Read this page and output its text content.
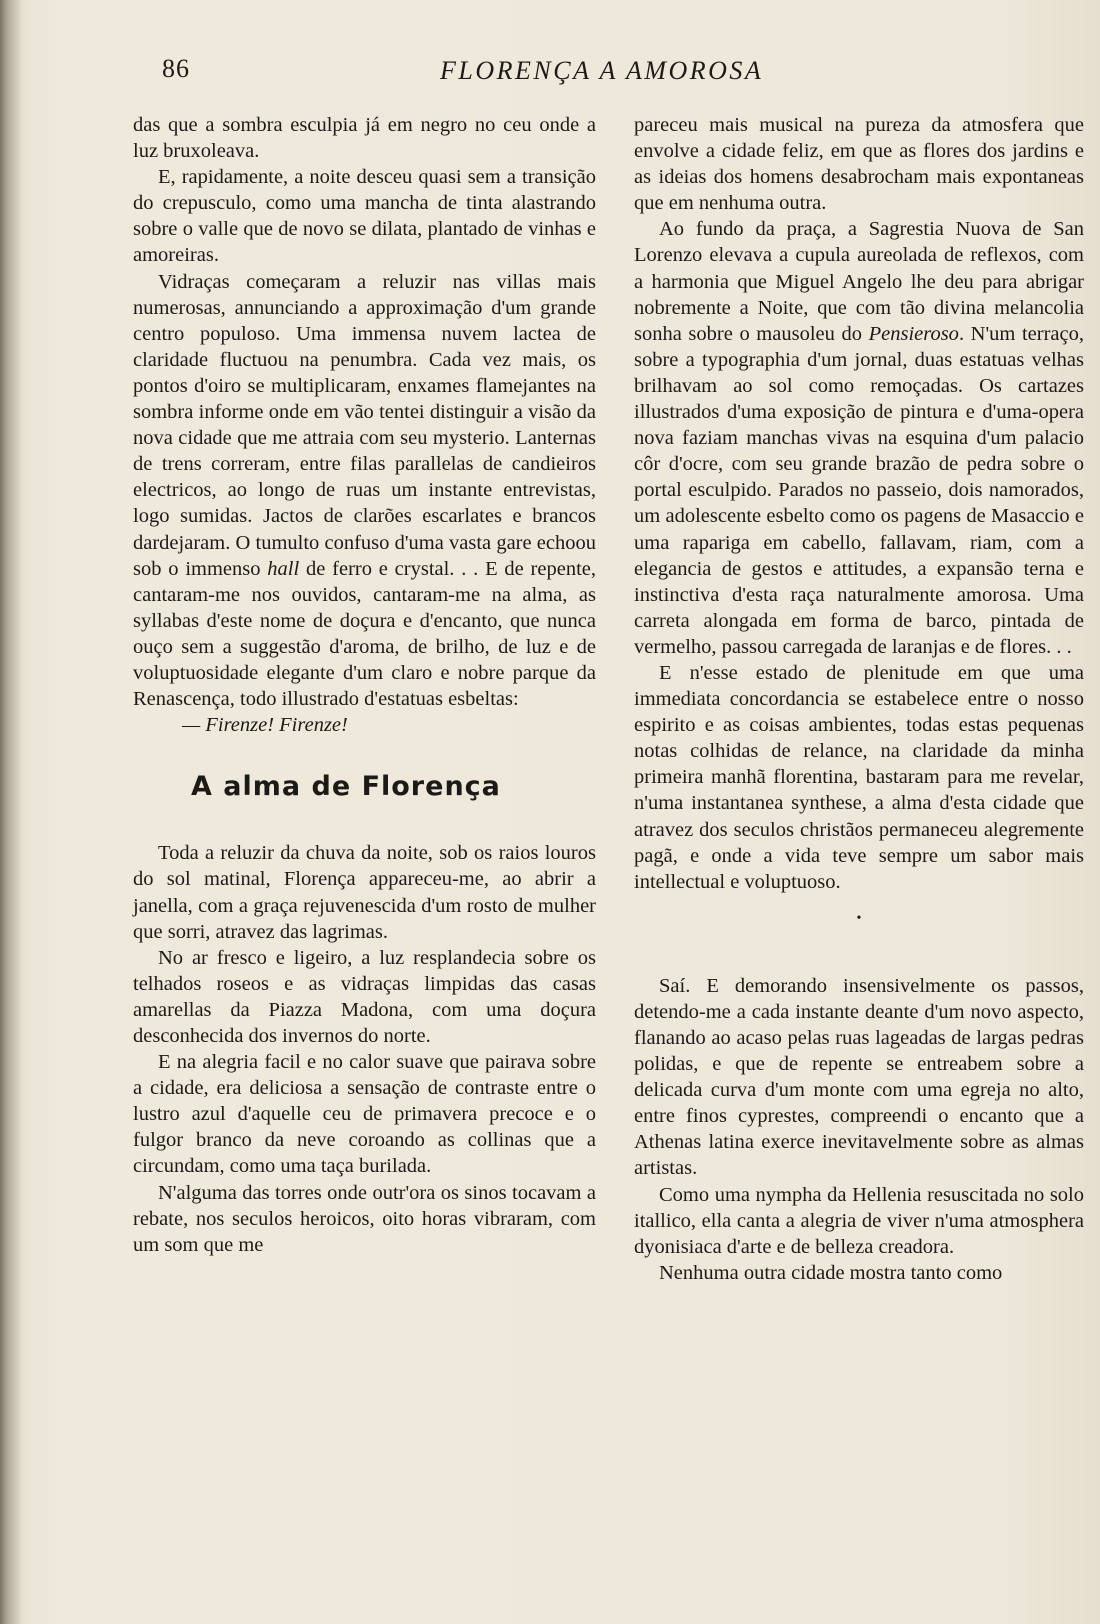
86	FLORENÇA A AMOROSA

das que a sombra esculpia já em negro no ceu onde a luz bruxoleava.

E, rapidamente, a noite desceu quasi sem a transição do crepusculo, como uma mancha de tinta alastrando sobre o valle que de novo se dilata, plantado de vinhas e amoreiras.

Vidraças começaram a reluzir nas villas mais numerosas, annunciando a approximação d'um grande centro populoso. Uma immensa nuvem lactea de claridade fluctuou na penumbra. Cada vez mais, os pontos d'oiro se multiplicaram, enxames flamejantes na sombra informe onde em vão tentei distinguir a visão da nova cidade que me attraia com seu mysterio. Lanternas de trens correram, entre filas parallelas de candieiros electricos, ao longo de ruas um instante entrevistas, logo sumidas. Jactos de clarões escarlates e brancos dardejaram. O tumulto confuso d'uma vasta gare echoou sob o immenso hall de ferro e crystal. . . E de repente, cantaram-me nos ouvidos, cantaram-me na alma, as syllabas d'este nome de doçura e d'encanto, que nunca ouço sem a suggestão d'aroma, de brilho, de luz e de voluptuosidade elegante d'um claro e nobre parque da Renascença, todo illustrado d'estatuas esbeltas:

— Firenze! Firenze!

A alma de Florença

Toda a reluzir da chuva da noite, sob os raios louros do sol matinal, Florença appareceu-me, ao abrir a janella, com a graça rejuvenescida d'um rosto de mulher que sorri, atravez das lagrimas.

No ar fresco e ligeiro, a luz resplandecia sobre os telhados roseos e as vidraças limpidas das casas amarellas da Piazza Madona, com uma doçura desconhecida dos invernos do norte.

E na alegria facil e no calor suave que pairava sobre a cidade, era deliciosa a sensação de contraste entre o lustro azul d'aquelle ceu de primavera precoce e o fulgor branco da neve coroando as collinas que a circundam, como uma taça burilada.

N'alguma das torres onde outr'ora os sinos tocavam a rebate, nos seculos heroicos, oito horas vibraram, com um som que me

pareceu mais musical na pureza da atmosfera que envolve a cidade feliz, em que as flores dos jardins e as ideias dos homens desabrocham mais expontaneas que em nenhuma outra.

Ao fundo da praça, a Sagrestia Nuova de San Lorenzo elevava a cupula aureolada de reflexos, com a harmonia que Miguel Angelo lhe deu para abrigar nobremente a Noite, que com tão divina melancolia sonha sobre o mausoleu do Pensieroso. N'um terraço, sobre a typographia d'um jornal, duas estatuas velhas brilhavam ao sol como remoçadas. Os cartazes illustrados d'uma exposição de pintura e d'uma-opera nova faziam manchas vivas na esquina d'um palacio côr d'ocre, com seu grande brazão de pedra sobre o portal esculpido. Parados no passeio, dois namorados, um adolescente esbelto como os pagens de Masaccio e uma rapariga em cabello, fallavam, riam, com a elegancia de gestos e attitudes, a expansão terna e instinctiva d'esta raça naturalmente amorosa. Uma carreta alongada em forma de barco, pintada de vermelho, passou carregada de laranjas e de flores. . .

E n'esse estado de plenitude em que uma immediata concordancia se estabelece entre o nosso espirito e as coisas ambientes, todas estas pequenas notas colhidas de relance, na claridade da minha primeira manhã florentina, bastaram para me revelar, n'uma instantanea synthese, a alma d'esta cidade que atravez dos seculos christãos permaneceu alegremente pagã, e onde a vida teve sempre um sabor mais intellectual e voluptuoso.

•

Saí. E demorando insensivelmente os passos, detendo-me a cada instante deante d'um novo aspecto, flanando ao acaso pelas ruas lageadas de largas pedras polidas, e que de repente se entreabem sobre a delicada curva d'um monte com uma egreja no alto, entre finos cyprestes, compreendi o encanto que a Athenas latina exerce inevitavelmente sobre as almas artistas.

Como uma nympha da Hellenia resuscitada no solo itallico, ella canta a alegria de viver n'uma atmosphera dyonisiaca d'arte e de belleza creadora.

Nenhuma outra cidade mostra tanto como
